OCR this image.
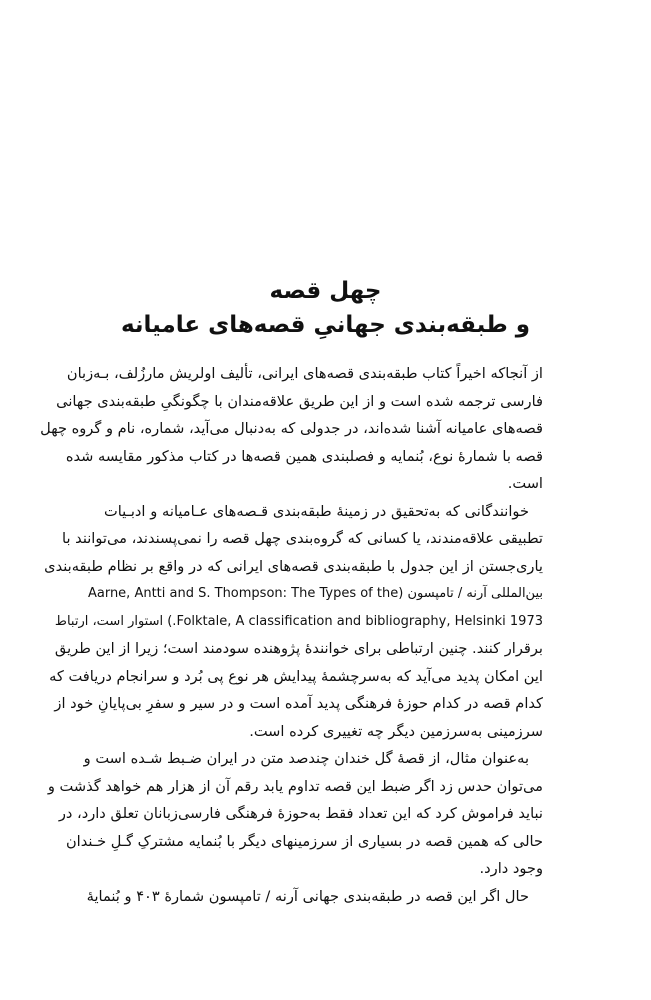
چهل قصه
و طبقه‌بندی جهانیِ قصه‌های عامیانه
از آنجاکه اخیراً کتاب طبقه‌بندی قصه‌های ایرانی، تألیف اولریش مارزُلف، بـه‌زبان
فارسی ترجمه شده است و از این طریق علاقه‌مندان با چگونگیِ طبقه‌بندی جهانی
قصه‌های عامیانه آشنا شده‌اند، در جدولی که به‌دنبال می‌آید، شماره، نام و گروه چهل
قصه با شمارهٔ نوع، بُنمایه و فصلبندی همین قصه‌ها در کتاب مذکور مقایسه شده
است.
خوانندگانی که به‌تحقیق در زمینهٔ طبقه‌بندی قـصه‌های عـامیانه و ادبـیات
تطبیقی علاقه‌مندند، یا کسانی که گروه‌بندی چهل قصه را نمی‌پسندند، می‌توانند با
یاری‌جستن از این جدول با طبقه‌بندی قصه‌های ایرانی که در واقع بر نظام طبقه‌بندی
بین‌المللی آرنه / تامپسون (Aarne, Antti and S. Thompson: The Types of the
Folktale, A classification and bibliography, Helsinki 1973.) استوار است، ارتباط
برقرار کنند. چنین ارتباطی برای خوانندهٔ پژوهنده سودمند است؛ زیرا از این طریق
این امکان پدید می‌آید که به‌سرچشمهٔ پیدایش هر نوع پی بُرد و سرانجام دریافت که
کدام قصه در کدام حوزهٔ فرهنگی پدید آمده است و در سیر و سفرِ بی‌پایانِ خود از
سرزمینی به‌سرزمین دیگر چه تغییری کرده است.
به‌عنوان مثال، از قصهٔ گل خندان چندصد متن در ایران ضـبط شـده است و
می‌توان حدس زد اگر ضبط این قصه تداوم یابد رقم آن از هزار هم خواهد گذشت و
نباید فراموش کرد که این تعداد فقط به‌حوزهٔ فرهنگی فارسی‌زبانان تعلق دارد، در
حالی که همین قصه در بسیاری از سرزمینهای دیگر با بُنمایه مشترکِ گـلِ خـندان
وجود دارد.
حال اگر این قصه در طبقه‌بندی جهانی آرنه / تامپسون شمارهٔ ۴۰۳ و بُنمایهٔ
